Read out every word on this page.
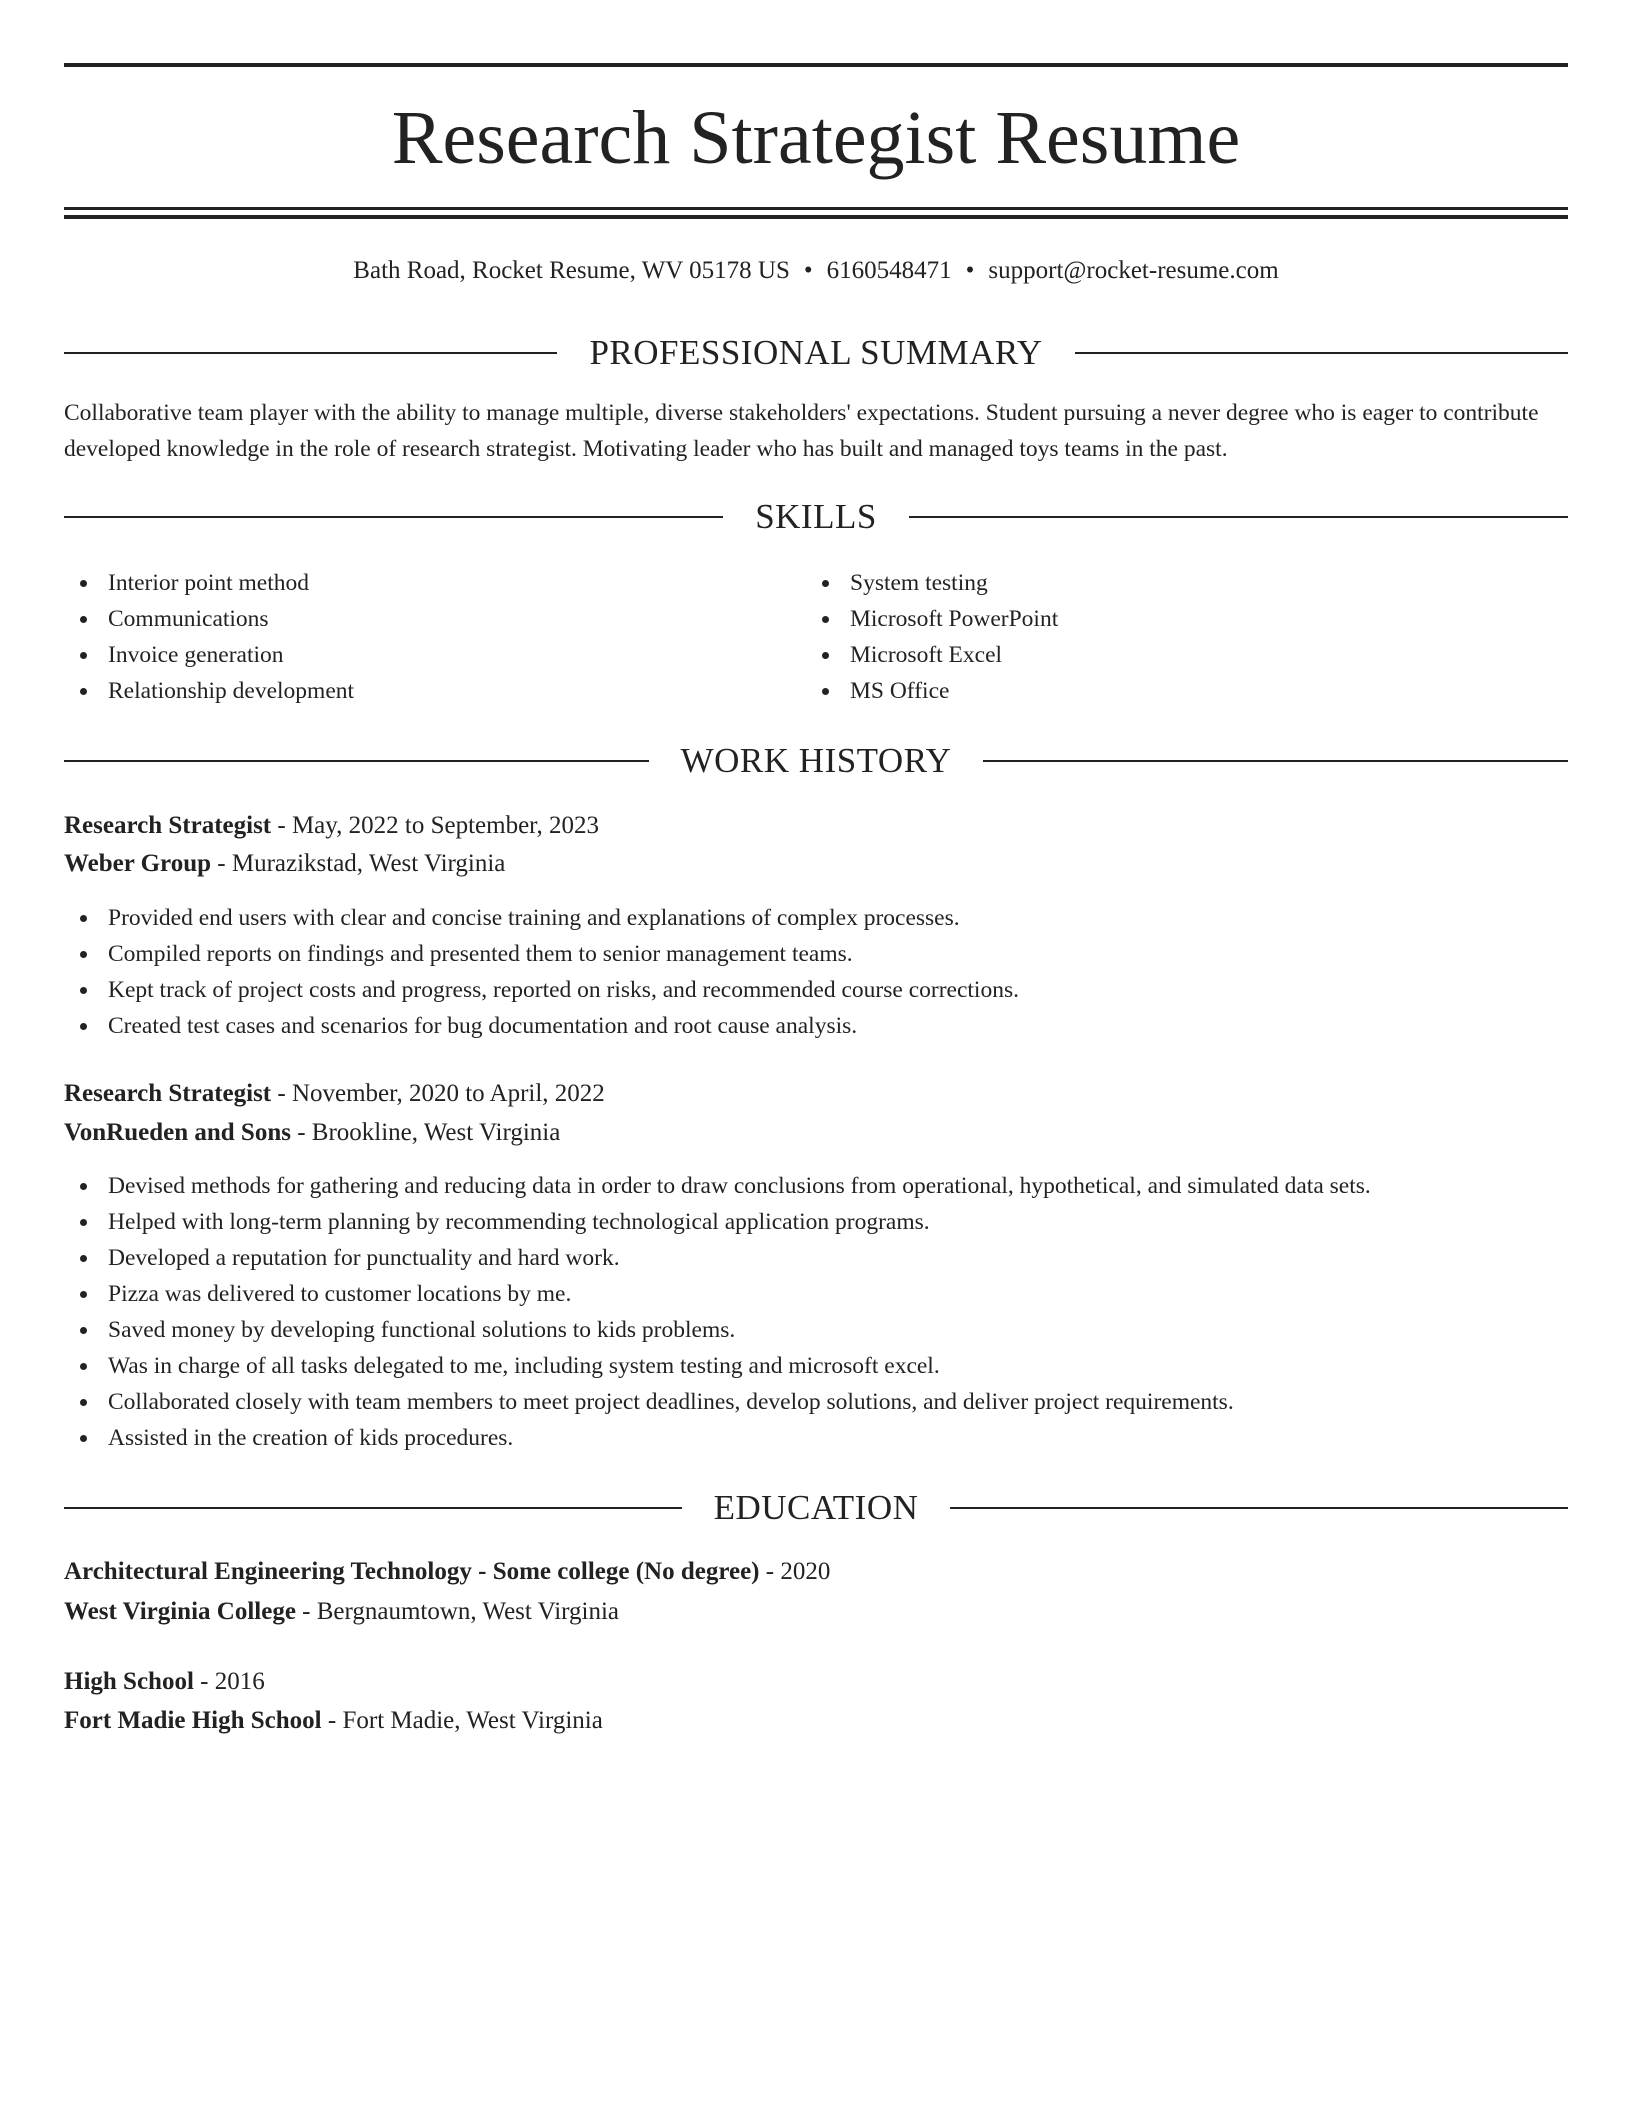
Research Strategist Resume
Bath Road, Rocket Resume, WV 05178 US • 6160548471 • support@rocket-resume.com
PROFESSIONAL SUMMARY

Collaborative team player with the ability to manage multiple, diverse stakeholders' expectations. Student pursuing a never degree who is eager to contribute developed knowledge in the role of research strategist. Motivating leader who has built and managed toys teams in the past.

SKILLS
Interior point method
Communications
Invoice generation
Relationship development
System testing
Microsoft PowerPoint
Microsoft Excel
MS Office
WORK HISTORY
Research Strategist - May, 2022 to September, 2023
Weber Group - Murazikstad, West Virginia
Provided end users with clear and concise training and explanations of complex processes.
Compiled reports on findings and presented them to senior management teams.
Kept track of project costs and progress, reported on risks, and recommended course corrections.
Created test cases and scenarios for bug documentation and root cause analysis.
Research Strategist - November, 2020 to April, 2022
VonRueden and Sons - Brookline, West Virginia
Devised methods for gathering and reducing data in order to draw conclusions from operational, hypothetical, and simulated data sets.
Helped with long-term planning by recommending technological application programs.
Developed a reputation for punctuality and hard work.
Pizza was delivered to customer locations by me.
Saved money by developing functional solutions to kids problems.
Was in charge of all tasks delegated to me, including system testing and microsoft excel.
Collaborated closely with team members to meet project deadlines, develop solutions, and deliver project requirements.
Assisted in the creation of kids procedures.
EDUCATION
Architectural Engineering Technology - Some college (No degree) - 2020
West Virginia College - Bergnaumtown, West Virginia
High School - 2016
Fort Madie High School - Fort Madie, West Virginia
